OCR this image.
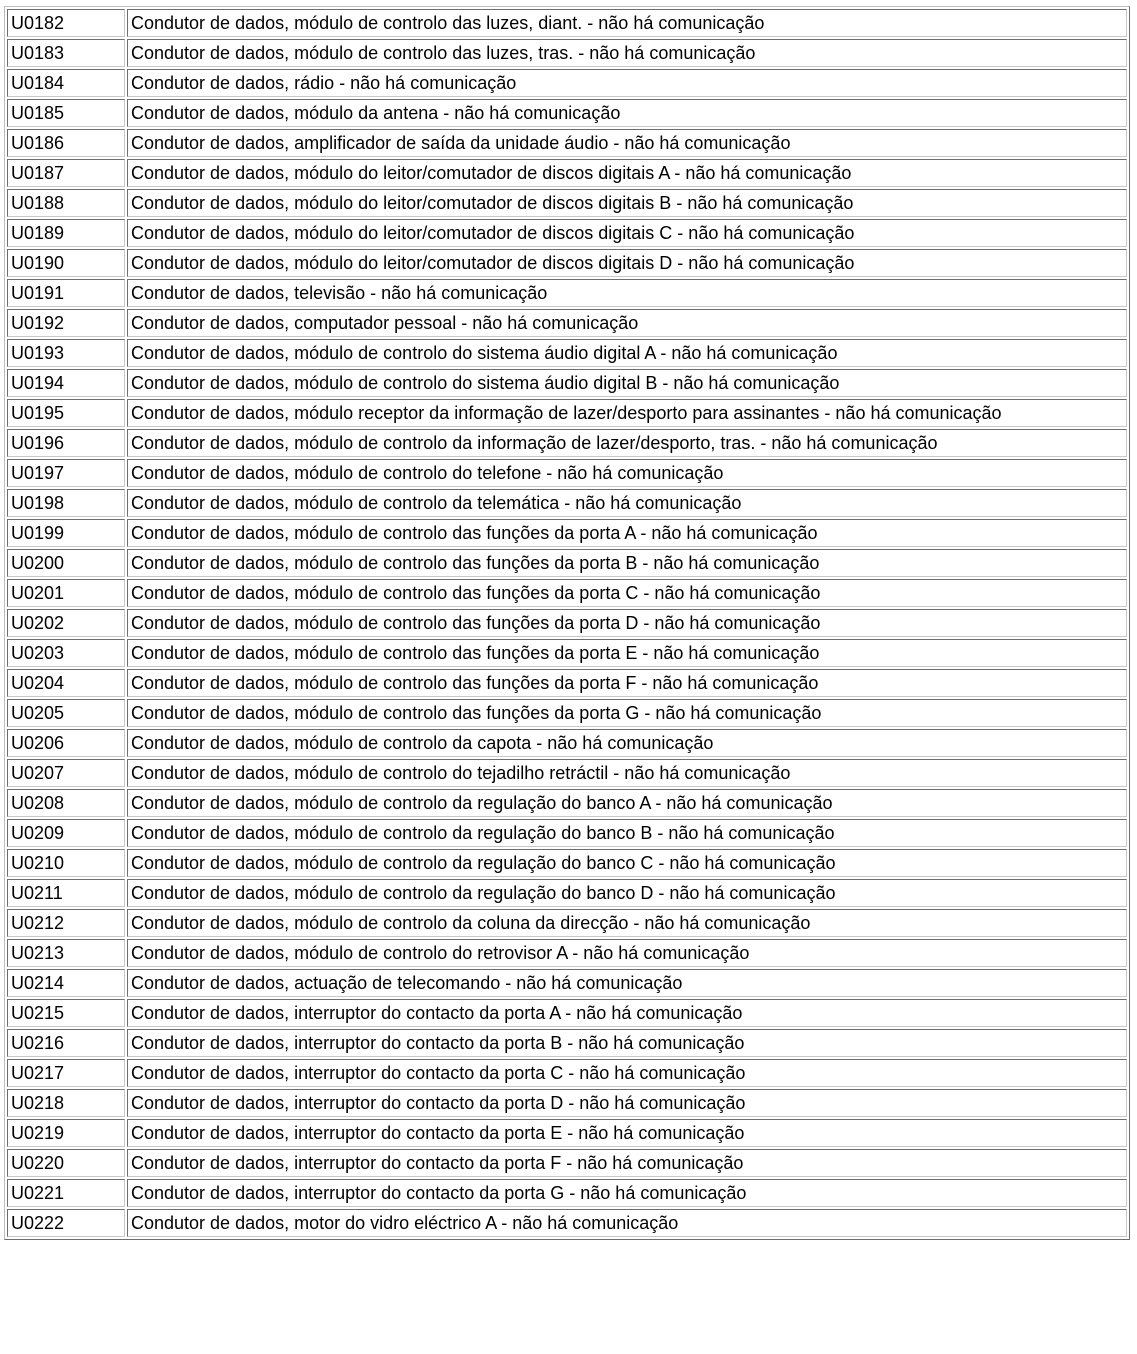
U0182	Condutor de dados, módulo de controlo das luzes, diant. - não há comunicação
U0183	Condutor de dados, módulo de controlo das luzes, tras. - não há comunicação
U0184	Condutor de dados, rádio - não há comunicação
U0185	Condutor de dados, módulo da antena - não há comunicação
U0186	Condutor de dados, amplificador de saída da unidade áudio - não há comunicação
U0187	Condutor de dados, módulo do leitor/comutador de discos digitais A - não há comunicação
U0188	Condutor de dados, módulo do leitor/comutador de discos digitais B - não há comunicação
U0189	Condutor de dados, módulo do leitor/comutador de discos digitais C - não há comunicação
U0190	Condutor de dados, módulo do leitor/comutador de discos digitais D - não há comunicação
U0191	Condutor de dados, televisão - não há comunicação
U0192	Condutor de dados, computador pessoal - não há comunicação
U0193	Condutor de dados, módulo de controlo do sistema áudio digital A - não há comunicação
U0194	Condutor de dados, módulo de controlo do sistema áudio digital B - não há comunicação
U0195	Condutor de dados, módulo receptor da informação de lazer/desporto para assinantes - não há comunicação
U0196	Condutor de dados, módulo de controlo da informação de lazer/desporto, tras. - não há comunicação
U0197	Condutor de dados, módulo de controlo do telefone - não há comunicação
U0198	Condutor de dados, módulo de controlo da telemática - não há comunicação
U0199	Condutor de dados, módulo de controlo das funções da porta A - não há comunicação
U0200	Condutor de dados, módulo de controlo das funções da porta B - não há comunicação
U0201	Condutor de dados, módulo de controlo das funções da porta C - não há comunicação
U0202	Condutor de dados, módulo de controlo das funções da porta D - não há comunicação
U0203	Condutor de dados, módulo de controlo das funções da porta E - não há comunicação
U0204	Condutor de dados, módulo de controlo das funções da porta F - não há comunicação
U0205	Condutor de dados, módulo de controlo das funções da porta G - não há comunicação
U0206	Condutor de dados, módulo de controlo da capota - não há comunicação
U0207	Condutor de dados, módulo de controlo do tejadilho retráctil - não há comunicação
U0208	Condutor de dados, módulo de controlo da regulação do banco A - não há comunicação
U0209	Condutor de dados, módulo de controlo da regulação do banco B - não há comunicação
U0210	Condutor de dados, módulo de controlo da regulação do banco C - não há comunicação
U0211	Condutor de dados, módulo de controlo da regulação do banco D - não há comunicação
U0212	Condutor de dados, módulo de controlo da coluna da direcção - não há comunicação
U0213	Condutor de dados, módulo de controlo do retrovisor A - não há comunicação
U0214	Condutor de dados, actuação de telecomando - não há comunicação
U0215	Condutor de dados, interruptor do contacto da porta A - não há comunicação
U0216	Condutor de dados, interruptor do contacto da porta B - não há comunicação
U0217	Condutor de dados, interruptor do contacto da porta C - não há comunicação
U0218	Condutor de dados, interruptor do contacto da porta D - não há comunicação
U0219	Condutor de dados, interruptor do contacto da porta E - não há comunicação
U0220	Condutor de dados, interruptor do contacto da porta F - não há comunicação
U0221	Condutor de dados, interruptor do contacto da porta G - não há comunicação
U0222	Condutor de dados, motor do vidro eléctrico A - não há comunicação
